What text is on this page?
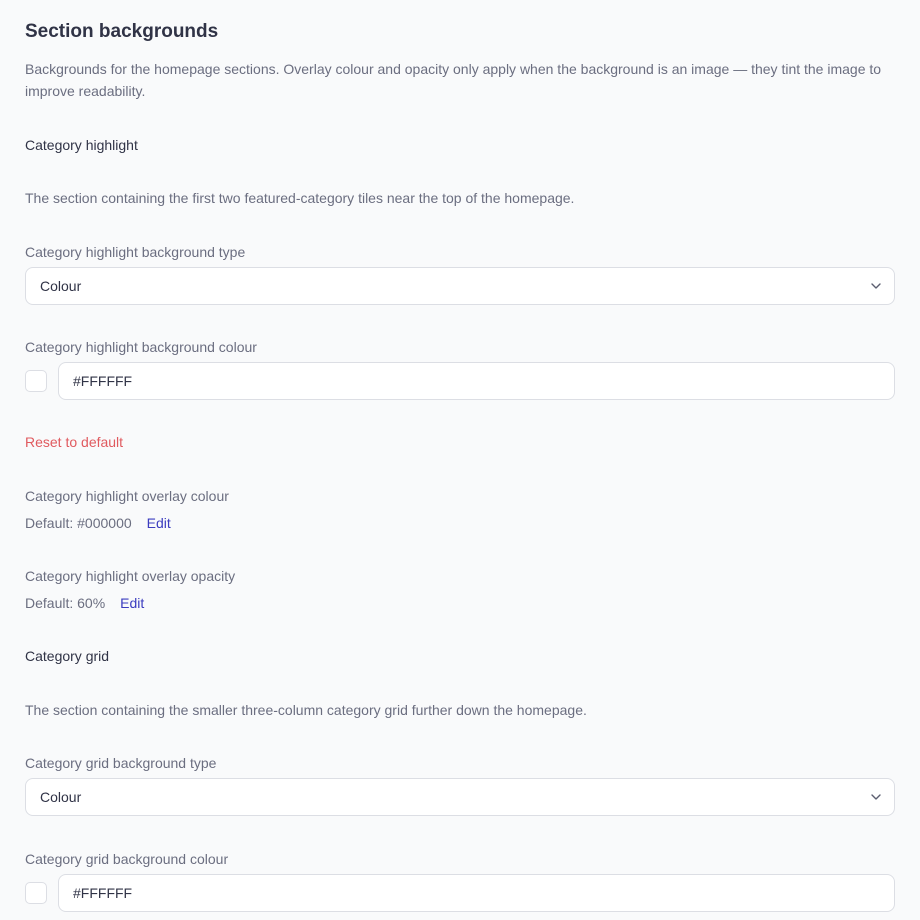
Section backgrounds
Backgrounds for the homepage sections. Overlay colour and opacity only apply when the background is an image — they tint the image to improve readability.
Category highlight
The section containing the first two featured-category tiles near the top of the homepage.
Category highlight background type
Colour
Category highlight background colour
#FFFFFF
Reset to default
Category highlight overlay colour
Default: #000000 Edit
Category highlight overlay opacity
Default: 60% Edit
Category grid
The section containing the smaller three-column category grid further down the homepage.
Category grid background type
Colour
Category grid background colour
#FFFFFF
